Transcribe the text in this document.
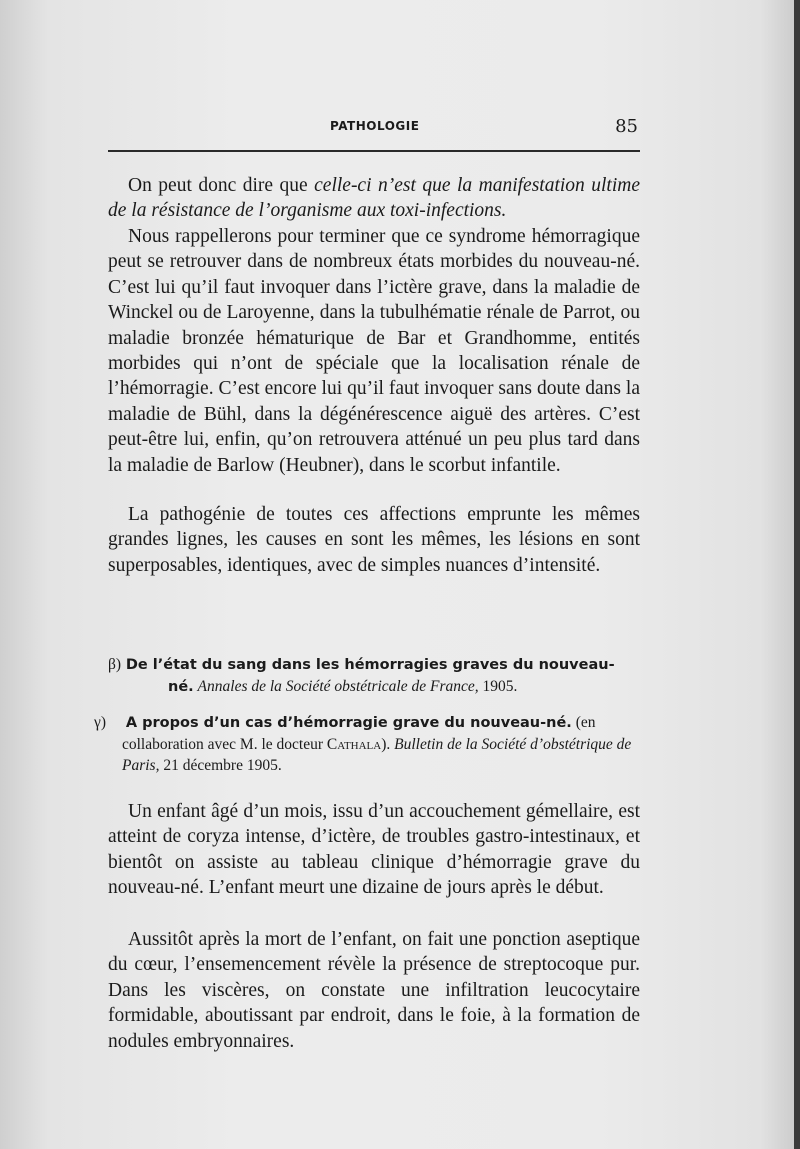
PATHOLOGIE	85

On peut donc dire que celle-ci n’est que la manifestation ultime de la résistance de l’organisme aux toxi-infections.

Nous rappellerons pour terminer que ce syndrome hémorragique peut se retrouver dans de nombreux états morbides du nouveau-né. C’est lui qu’il faut invoquer dans l’ictère grave, dans la maladie de Winckel ou de Laroyenne, dans la tubulhématie rénale de Parrot, ou maladie bronzée hématurique de Bar et Grandhomme, entités morbides qui n’ont de spéciale que la localisation rénale de l’hémorragie. C’est encore lui qu’il faut invoquer sans doute dans la maladie de Bühl, dans la dégénérescence aiguë des artères. C’est peut-être lui, enfin, qu’on retrouvera atténué un peu plus tard dans la maladie de Barlow (Heubner), dans le scorbut infantile.

La pathogénie de toutes ces affections emprunte les mêmes grandes lignes, les causes en sont les mêmes, les lésions en sont superposables, identiques, avec de simples nuances d’intensité.

β) De l’état du sang dans les hémorragies graves du nouveau-
né. Annales de la Société obstétricale de France, 1905.

γ) A propos d’un cas d’hémorragie grave du nouveau-né. (en collaboration avec M. le docteur Cathala). Bulletin de la Société d’obstétrique de Paris, 21 décembre 1905.

Un enfant âgé d’un mois, issu d’un accouchement gémellaire, est atteint de coryza intense, d’ictère, de troubles gastro-intestinaux, et bientôt on assiste au tableau clinique d’hémorragie grave du nouveau-né. L’enfant meurt une dizaine de jours après le début.

Aussitôt après la mort de l’enfant, on fait une ponction aseptique du cœur, l’ensemencement révèle la présence de streptocoque pur. Dans les viscères, on constate une infiltration leucocytaire formidable, aboutissant par endroit, dans le foie, à la formation de nodules embryonnaires.
